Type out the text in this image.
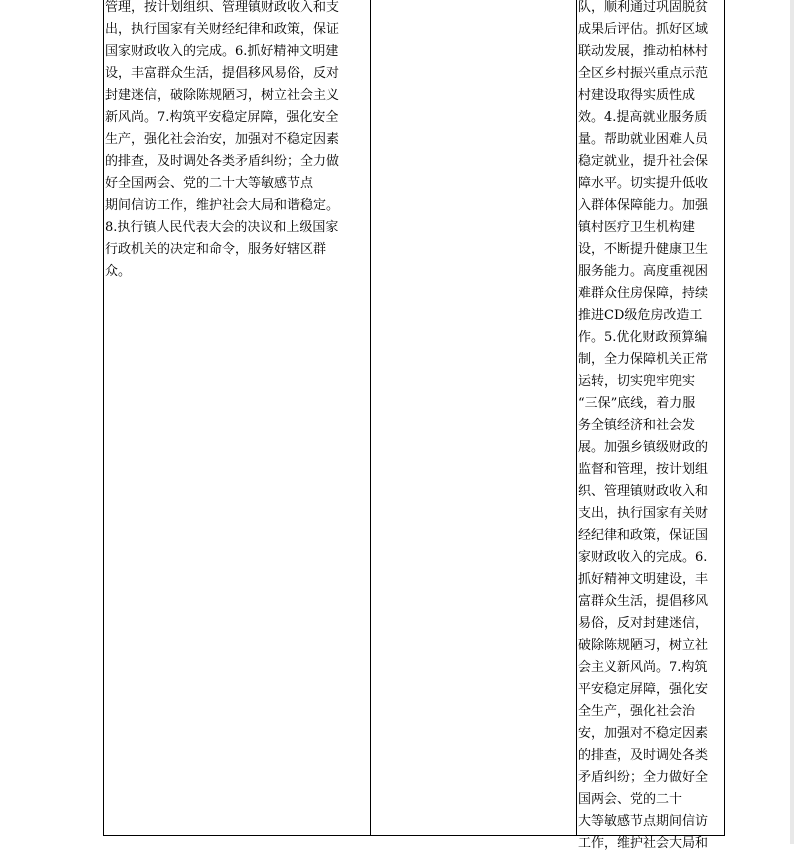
管理，按计划组织、管理镇财政收入和支
出，执行国家有关财经纪律和政策，保证
国家财政收入的完成。6.抓好精神文明建
设，丰富群众生活，提倡移风易俗，反对
封建迷信，破除陈规陋习，树立社会主义
新风尚。7.构筑平安稳定屏障，强化安全
生产，强化社会治安，加强对不稳定因素
的排查，及时调处各类矛盾纠纷；全力做
好全国两会、党的二十大等敏感节点
期间信访工作，维护社会大局和谐稳定。
8.执行镇人民代表大会的决议和上级国家
行政机关的决定和命令，服务好辖区群
众。
队，顺利通过巩固脱贫
成果后评估。抓好区域
联动发展，推动柏林村
全区乡村振兴重点示范
村建设取得实质性成
效。4.提高就业服务质
量。帮助就业困难人员
稳定就业，提升社会保
障水平。切实提升低收
入群体保障能力。加强
镇村医疗卫生机构建
设，不断提升健康卫生
服务能力。高度重视困
难群众住房保障，持续
推进CD级危房改造工
作。5.优化财政预算编
制，全力保障机关正常
运转，切实兜牢兜实
“三保”底线，着力服
务全镇经济和社会发
展。加强乡镇级财政的
监督和管理，按计划组
织、管理镇财政收入和
支出，执行国家有关财
经纪律和政策，保证国
家财政收入的完成。6.
抓好精神文明建设，丰
富群众生活，提倡移风
易俗，反对封建迷信，
破除陈规陋习，树立社
会主义新风尚。7.构筑
平安稳定屏障，强化安
全生产，强化社会治
安，加强对不稳定因素
的排查，及时调处各类
矛盾纠纷；全力做好全
国两会、党的二十
大等敏感节点期间信访
工作，维护社会大局和
